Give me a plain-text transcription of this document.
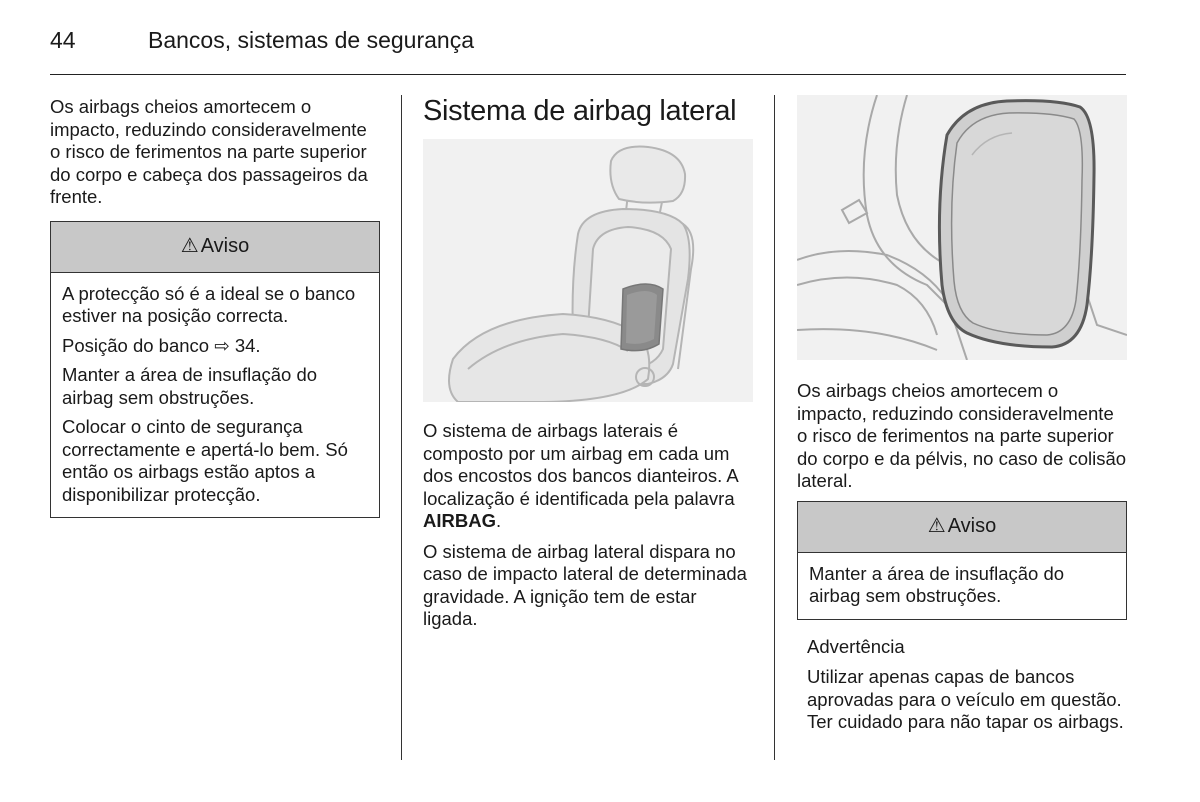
44	Bancos, sistemas de segurança

Os airbags cheios amortecem o impacto, reduzindo consideravelmente o risco de ferimentos na parte superior do corpo e cabeça dos passageiros da frente.

⚠ Aviso

A protecção só é a ideal se o banco estiver na posição correcta.

Posição do banco ⇨ 34.

Manter a área de insuflação do airbag sem obstruções.

Colocar o cinto de segurança correctamente e apertá-lo bem. Só então os airbags estão aptos a disponibilizar protecção.

Sistema de airbag lateral

O sistema de airbags laterais é composto por um airbag em cada um dos encostos dos bancos dianteiros. A localização é identificada pela palavra AIRBAG.

O sistema de airbag lateral dispara no caso de impacto lateral de determinada gravidade. A ignição tem de estar ligada.

Os airbags cheios amortecem o impacto, reduzindo consideravelmente o risco de ferimentos na parte superior do corpo e da pélvis, no caso de colisão lateral.

⚠ Aviso

Manter a área de insuflação do airbag sem obstruções.

Advertência

Utilizar apenas capas de bancos aprovadas para o veículo em questão. Ter cuidado para não tapar os airbags.
